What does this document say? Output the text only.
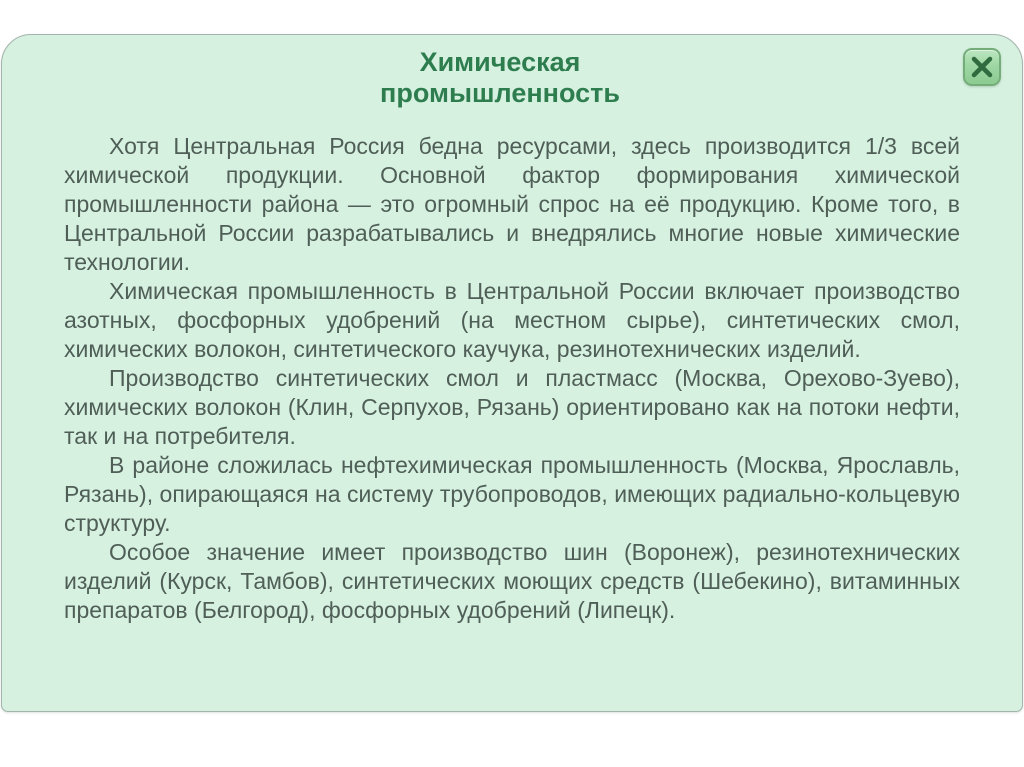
Химическая
промышленность

Хотя Центральная Россия бедна ресурсами, здесь производится 1/3 всей химической продукции. Основной фактор формирования химической промышленности района — это огромный спрос на её продукцию. Кроме того, в Центральной России разрабатывались и внедрялись многие новые химические технологии.

Химическая промышленность в Центральной России включает производство азотных, фосфорных удобрений (на местном сырье), синтетических смол, химических волокон, синтетического каучука, резинотехнических изделий.

Производство синтетических смол и пластмасс (Москва, Орехово-Зуево), химических волокон (Клин, Серпухов, Рязань) ориентировано как на потоки нефти, так и на потребителя.

В районе сложилась нефтехимическая промышленность (Москва, Ярославль, Рязань), опирающаяся на систему трубопроводов, имеющих радиально-кольцевую структуру.

Особое значение имеет производство шин (Воронеж), резинотехнических изделий (Курск, Тамбов), синтетических моющих средств (Шебекино), витаминных препаратов (Белгород), фосфорных удобрений (Липецк).
